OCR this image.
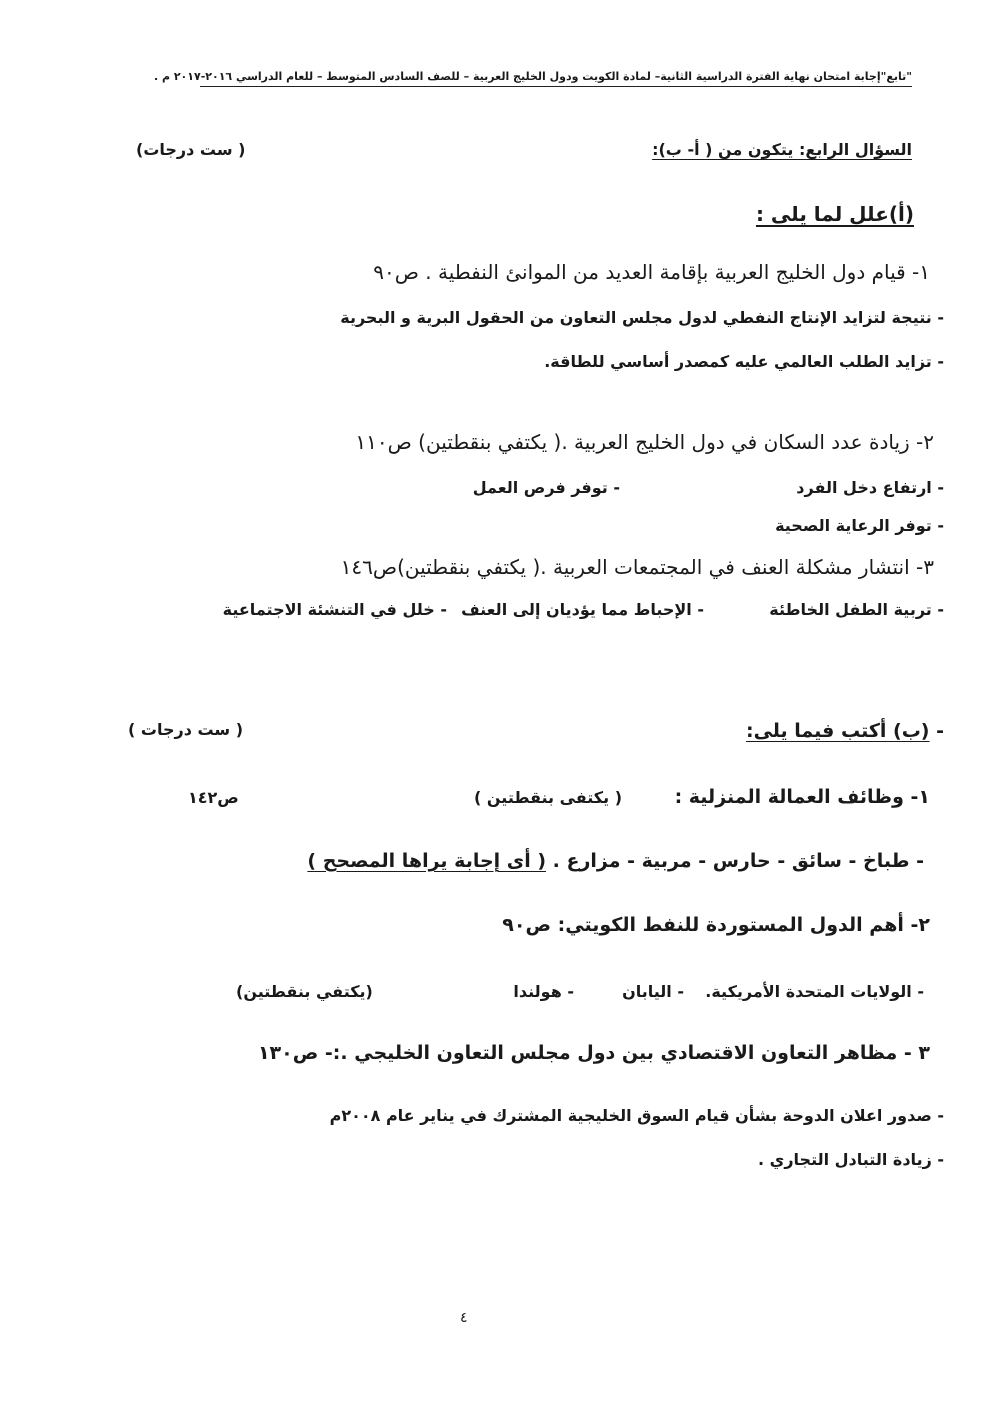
"تابع"إجابة امتحان نهاية الفترة الدراسية الثانية– لمادة الكويت ودول الخليج العربية – للصف السادس المتوسط – للعام الدراسي ٢٠١٦-٢٠١٧ م .
السؤال الرابع: يتكون من ( أ- ب):
( ست درجات)
(أ)علل لما يلى :
١- قيام دول الخليج العربية بإقامة العديد من الموانئ النفطية . ص٩٠
- نتيجة لتزايد الإنتاج النفطي لدول مجلس التعاون من الحقول البرية و البحرية
- تزايد الطلب العالمي عليه كمصدر أساسي للطاقة.
٢- زيادة عدد السكان في دول الخليج العربية .( يكتفي بنقطتين) ص١١٠
- ارتفاع دخل الفرد
- توفر فرص العمل
- توفر الرعاية الصحية
٣- انتشار مشكلة العنف في المجتمعات العربية .( يكتفي بنقطتين)ص١٤٦
- تربية الطفل الخاطئة
- الإحباط مما يؤديان إلى العنف
- خلل في التنشئة الاجتماعية
- (ب) أكتب فيما يلى:
( ست درجات )
١- وظائف العمالة المنزلية :
( يكتفى بنقطتين )
ص١٤٢
- طباخ - سائق - حارس - مربية - مزارع . ( أى إجابة يراها المصحح )
٢- أهم الدول المستوردة للنفط الكويتي: ص٩٠
- الولايات المتحدة الأمريكية.
- اليابان
- هولندا
(يكتفي بنقطتين)
٣ - مظاهر التعاون الاقتصادي بين دول مجلس التعاون الخليجي .:- ص١٣٠
- صدور اعلان الدوحة بشأن قيام السوق الخليجية المشترك في يناير عام ٢٠٠٨م
- زيادة التبادل التجاري .
٤
